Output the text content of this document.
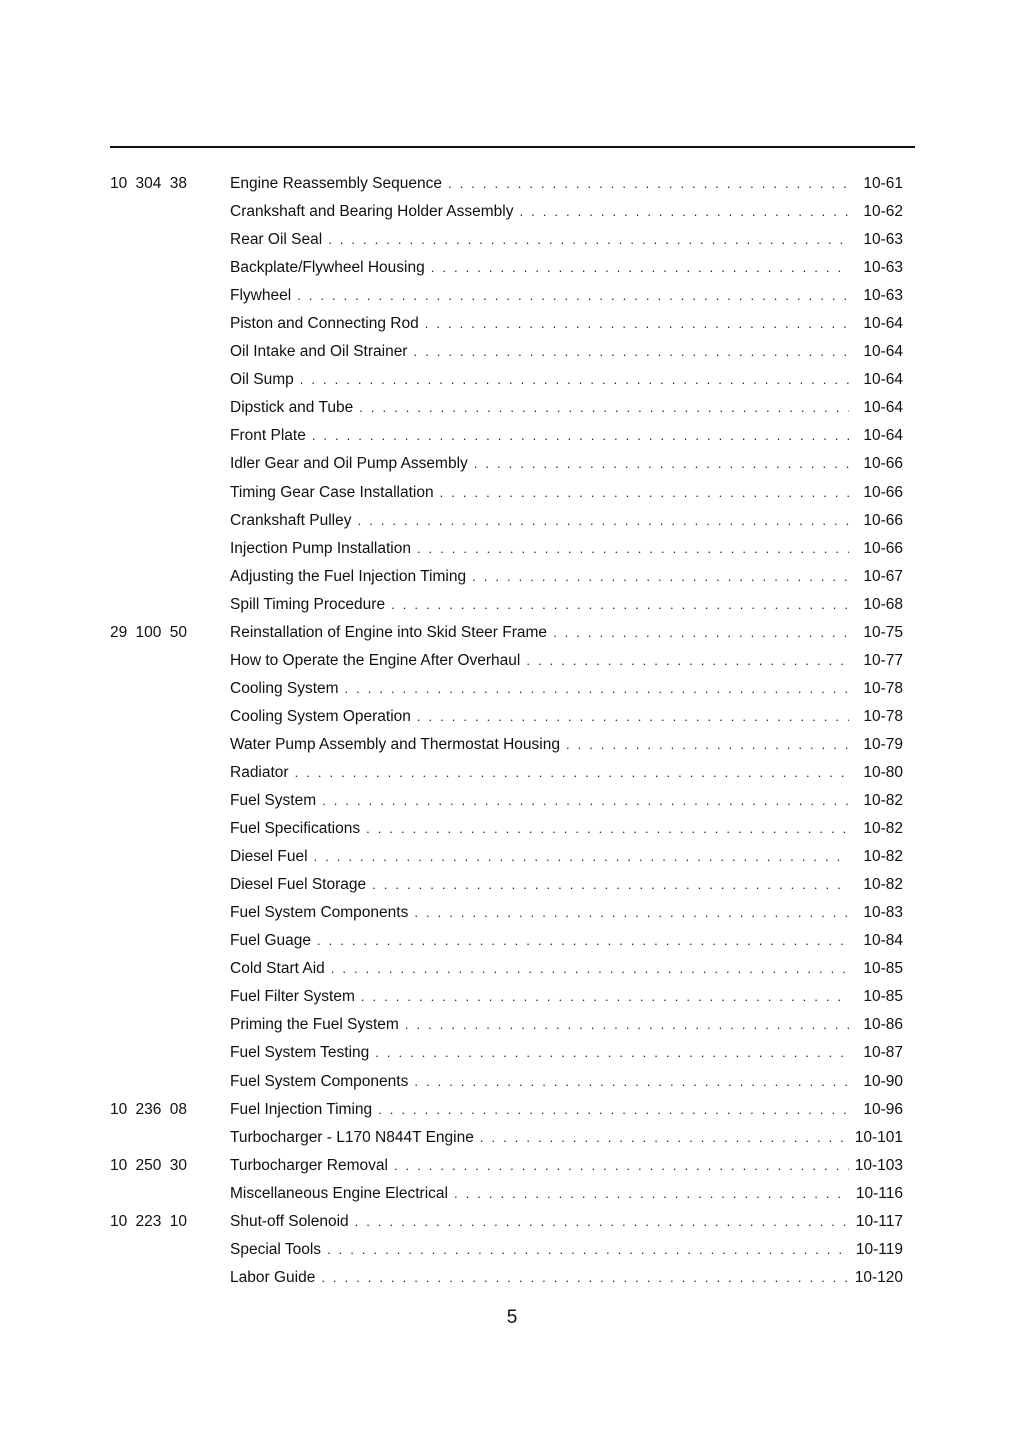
10 304 38	Engine Reassembly Sequence . . .	10-61
Crankshaft and Bearing Holder Assembly . . .	10-62
Rear Oil Seal . . .	10-63
Backplate/Flywheel Housing . . .	10-63
Flywheel . . .	10-63
Piston and Connecting Rod . . .	10-64
Oil Intake and Oil Strainer . . .	10-64
Oil Sump . . .	10-64
Dipstick and Tube . . .	10-64
Front Plate . . .	10-64
Idler Gear and Oil Pump Assembly . . .	10-66
Timing Gear Case Installation . . .	10-66
Crankshaft Pulley . . .	10-66
Injection Pump Installation . . .	10-66
Adjusting the Fuel Injection Timing . . .	10-67
Spill Timing Procedure . . .	10-68
29 100 50	Reinstallation of Engine into Skid Steer Frame . . .	10-75
How to Operate the Engine After Overhaul . . .	10-77
Cooling System . . .	10-78
Cooling System Operation . . .	10-78
Water Pump Assembly and Thermostat Housing . . .	10-79
Radiator . . .	10-80
Fuel System . . .	10-82
Fuel Specifications . . .	10-82
Diesel Fuel . . .	10-82
Diesel Fuel Storage . . .	10-82
Fuel System Components . . .	10-83
Fuel Guage . . .	10-84
Cold Start Aid . . .	10-85
Fuel Filter System . . .	10-85
Priming the Fuel System . . .	10-86
Fuel System Testing . . .	10-87
Fuel System Components . . .	10-90
10 236 08	Fuel Injection Timing . . .	10-96
Turbocharger - L170 N844T Engine . . .	10-101
10 250 30	Turbocharger Removal . . .	10-103
Miscellaneous Engine Electrical . . .	10-116
10 223 10	Shut-off Solenoid . . .	10-117
Special Tools . . .	10-119
Labor Guide . . .	10-120
5
